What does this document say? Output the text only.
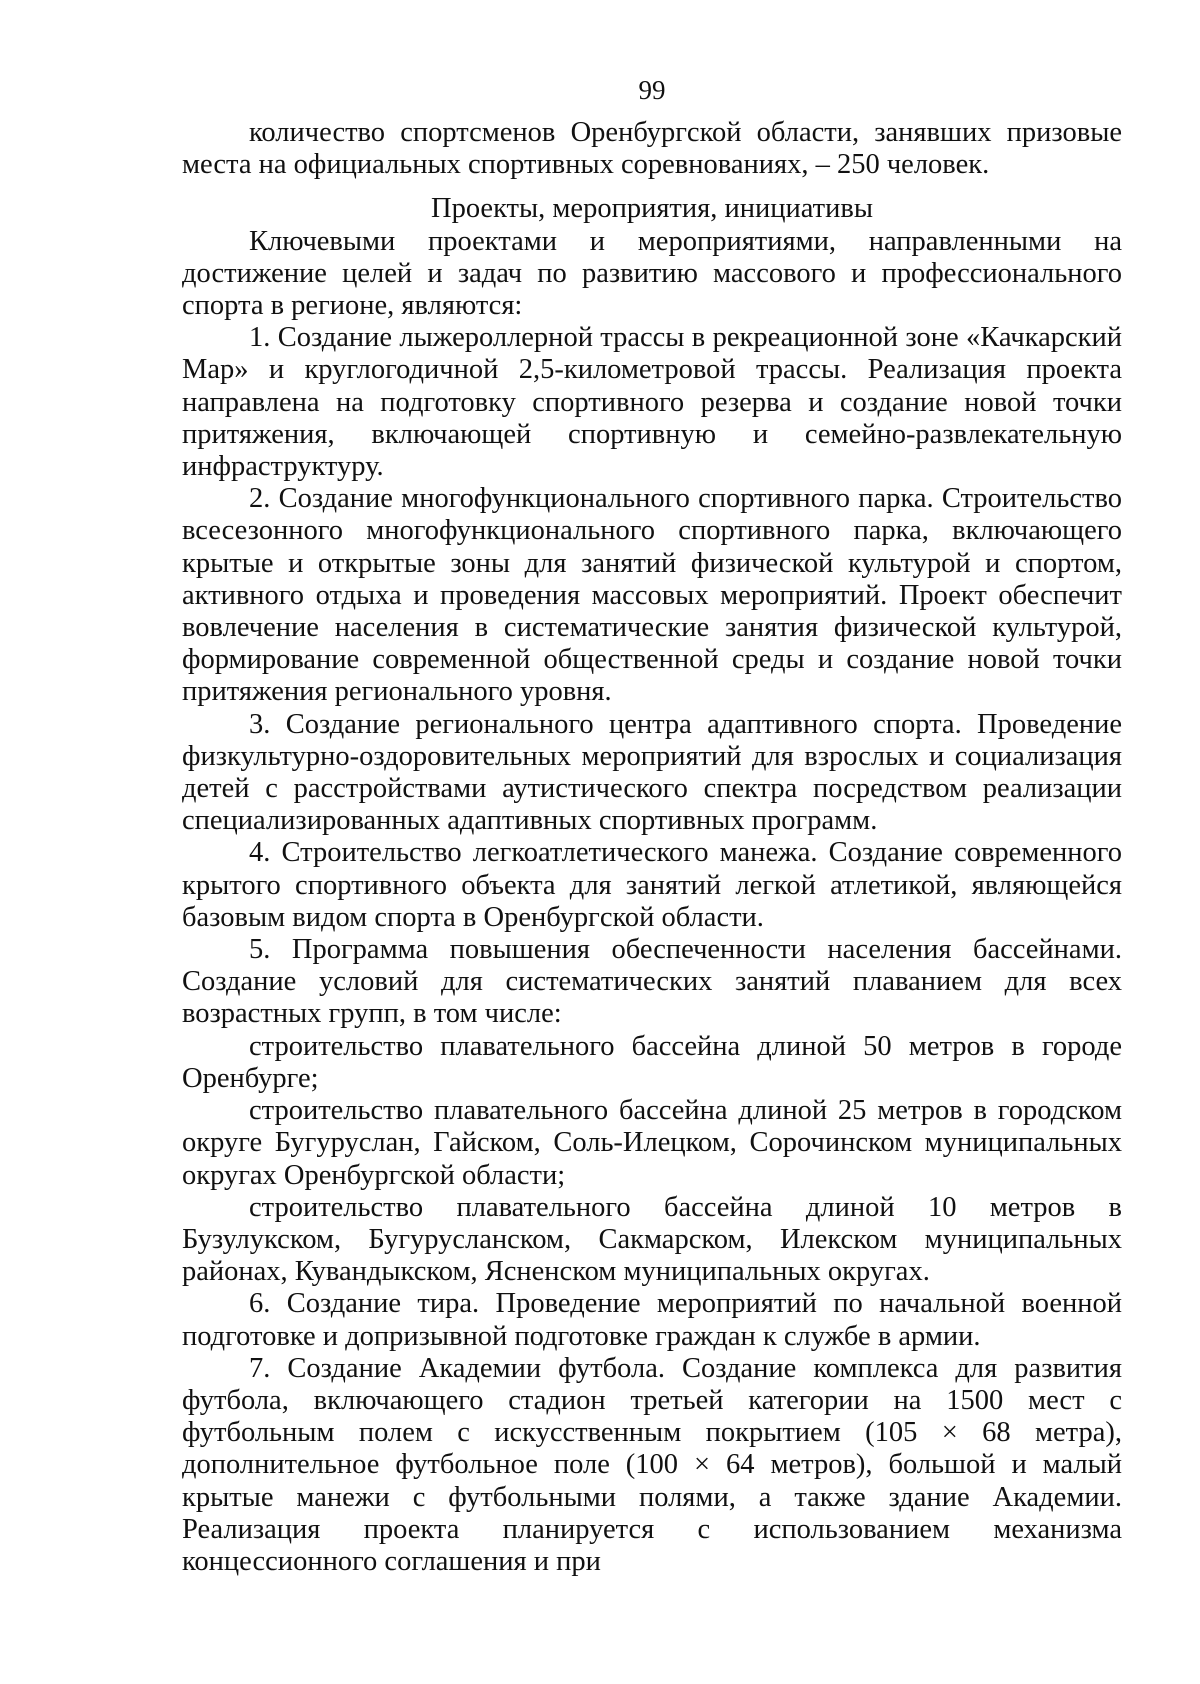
99

количество спортсменов Оренбургской области, занявших призовые места на официальных спортивных соревнованиях, – 250 человек.

Проекты, мероприятия, инициативы

Ключевыми проектами и мероприятиями, направленными на достижение целей и задач по развитию массового и профессионального спорта в регионе, являются:

1. Создание лыжероллерной трассы в рекреационной зоне «Качкарский Мар» и круглогодичной 2,5-километровой трассы. Реализация проекта направлена на подготовку спортивного резерва и создание новой точки притяжения, включающей спортивную и семейно-развлекательную инфраструктуру.

2. Создание многофункционального спортивного парка. Строительство всесезонного многофункционального спортивного парка, включающего крытые и открытые зоны для занятий физической культурой и спортом, активного отдыха и проведения массовых мероприятий. Проект обеспечит вовлечение населения в систематические занятия физической культурой, формирование современной общественной среды и создание новой точки притяжения регионального уровня.

3. Создание регионального центра адаптивного спорта. Проведение физкультурно-оздоровительных мероприятий для взрослых и социализация детей с расстройствами аутистического спектра посредством реализации специализированных адаптивных спортивных программ.

4. Строительство легкоатлетического манежа. Создание современного крытого спортивного объекта для занятий легкой атлетикой, являющейся базовым видом спорта в Оренбургской области.

5. Программа повышения обеспеченности населения бассейнами. Создание условий для систематических занятий плаванием для всех возрастных групп, в том числе:

строительство плавательного бассейна длиной 50 метров в городе Оренбурге;

строительство плавательного бассейна длиной 25 метров в городском округе Бугуруслан, Гайском, Соль-Илецком, Сорочинском муниципальных округах Оренбургской области;

строительство плавательного бассейна длиной 10 метров в Бузулукском, Бугурусланском, Сакмарском, Илекском муниципальных районах, Кувандыкском, Ясненском муниципальных округах.

6. Создание тира. Проведение мероприятий по начальной военной подготовке и допризывной подготовке граждан к службе в армии.

7. Создание Академии футбола. Создание комплекса для развития футбола, включающего стадион третьей категории на 1500 мест с футбольным полем с искусственным покрытием (105 × 68 метра), дополнительное футбольное поле (100 × 64 метров), большой и малый крытые манежи с футбольными полями, а также здание Академии. Реализация проекта планируется с использованием механизма концессионного соглашения и при
